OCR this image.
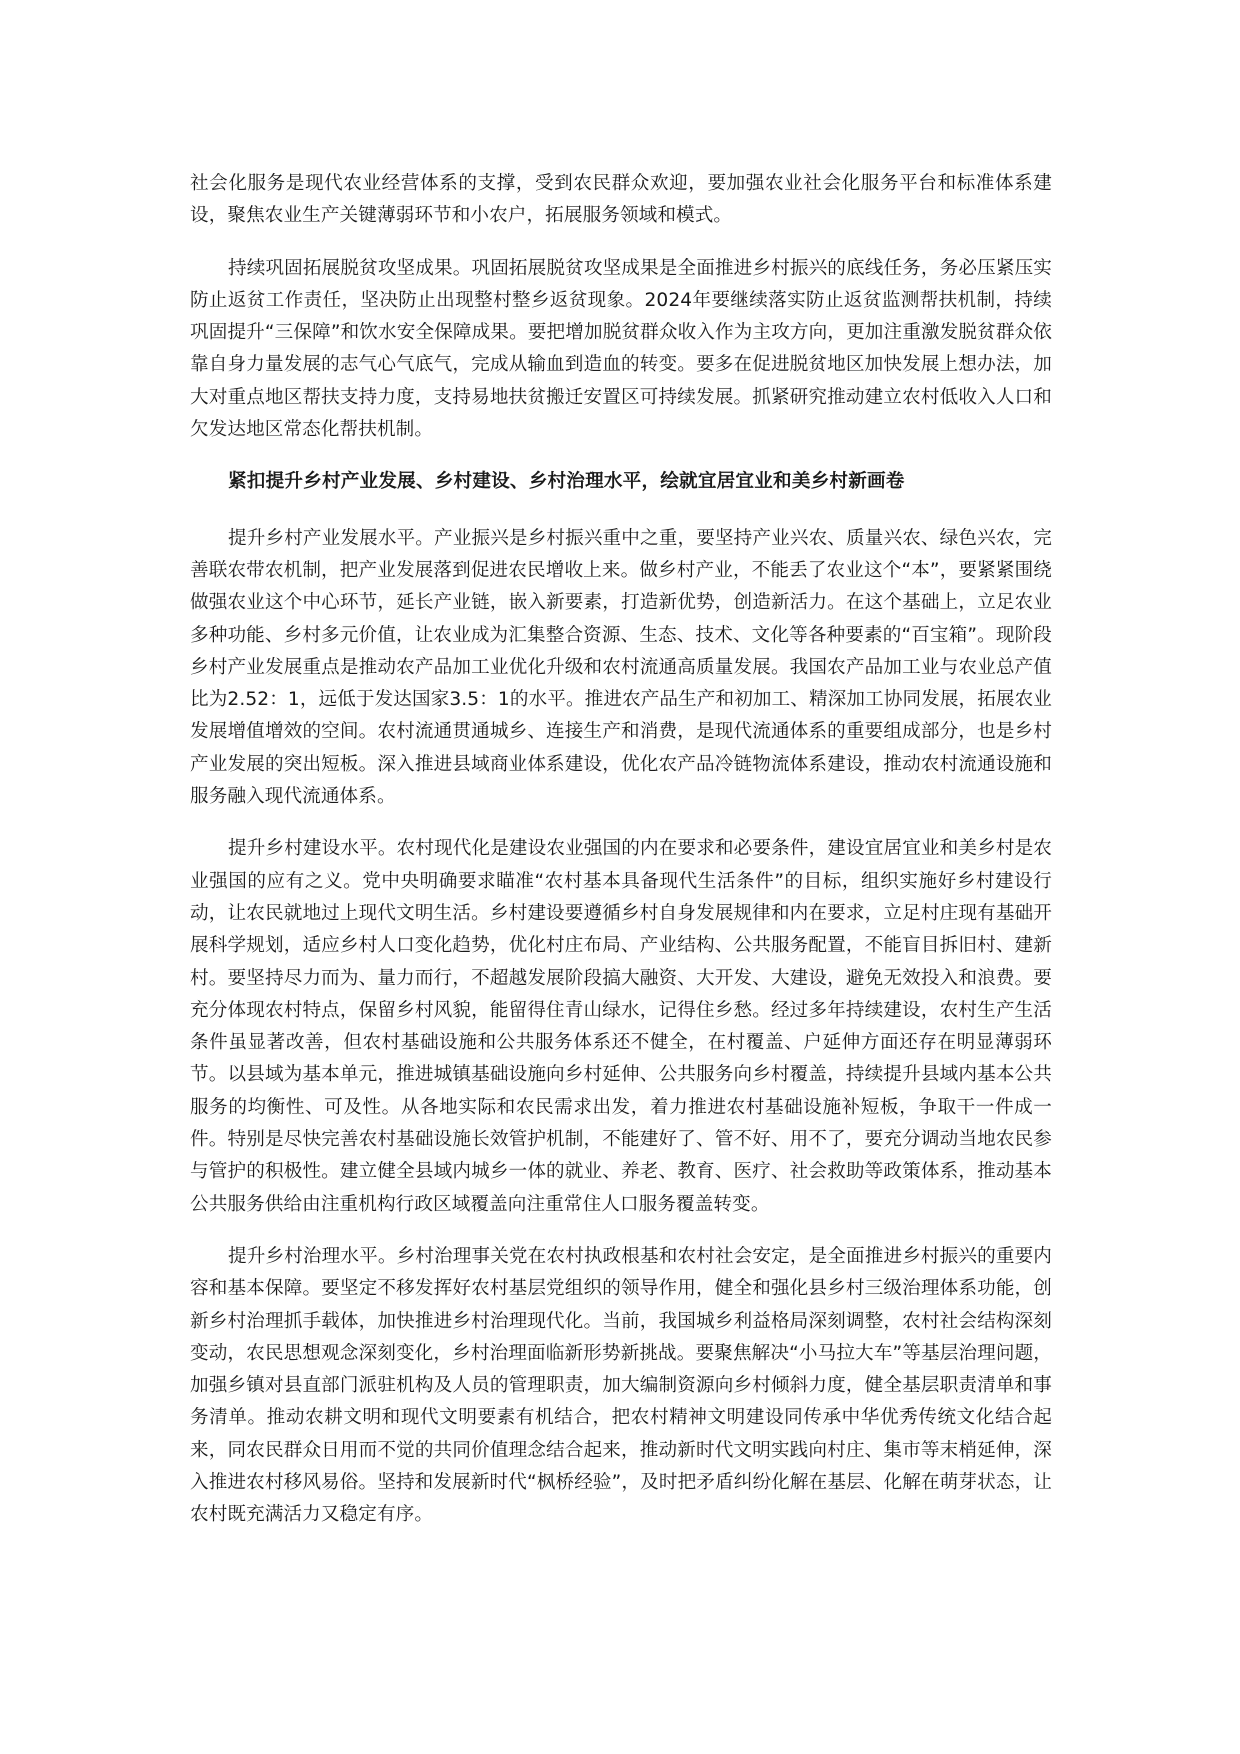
社会化服务是现代农业经营体系的支撑，受到农民群众欢迎，要加强农业社会化服务平台和标准体系建设，聚焦农业生产关键薄弱环节和小农户，拓展服务领域和模式。

持续巩固拓展脱贫攻坚成果。巩固拓展脱贫攻坚成果是全面推进乡村振兴的底线任务，务必压紧压实防止返贫工作责任，坚决防止出现整村整乡返贫现象。2024年要继续落实防止返贫监测帮扶机制，持续巩固提升“三保障”和饮水安全保障成果。要把增加脱贫群众收入作为主攻方向，更加注重激发脱贫群众依靠自身力量发展的志气心气底气，完成从输血到造血的转变。要多在促进脱贫地区加快发展上想办法，加大对重点地区帮扶支持力度，支持易地扶贫搬迁安置区可持续发展。抓紧研究推动建立农村低收入人口和欠发达地区常态化帮扶机制。

紧扣提升乡村产业发展、乡村建设、乡村治理水平，绘就宜居宜业和美乡村新画卷

提升乡村产业发展水平。产业振兴是乡村振兴重中之重，要坚持产业兴农、质量兴农、绿色兴农，完善联农带农机制，把产业发展落到促进农民增收上来。做乡村产业，不能丢了农业这个“本”，要紧紧围绕做强农业这个中心环节，延长产业链，嵌入新要素，打造新优势，创造新活力。在这个基础上，立足农业多种功能、乡村多元价值，让农业成为汇集整合资源、生态、技术、文化等各种要素的“百宝箱”。现阶段乡村产业发展重点是推动农产品加工业优化升级和农村流通高质量发展。我国农产品加工业与农业总产值比为2.52：1，远低于发达国家3.5：1的水平。推进农产品生产和初加工、精深加工协同发展，拓展农业发展增值增效的空间。农村流通贯通城乡、连接生产和消费，是现代流通体系的重要组成部分，也是乡村产业发展的突出短板。深入推进县域商业体系建设，优化农产品冷链物流体系建设，推动农村流通设施和服务融入现代流通体系。

提升乡村建设水平。农村现代化是建设农业强国的内在要求和必要条件，建设宜居宜业和美乡村是农业强国的应有之义。党中央明确要求瞄准“农村基本具备现代生活条件”的目标，组织实施好乡村建设行动，让农民就地过上现代文明生活。乡村建设要遵循乡村自身发展规律和内在要求，立足村庄现有基础开展科学规划，适应乡村人口变化趋势，优化村庄布局、产业结构、公共服务配置，不能盲目拆旧村、建新村。要坚持尽力而为、量力而行，不超越发展阶段搞大融资、大开发、大建设，避免无效投入和浪费。要充分体现农村特点，保留乡村风貌，能留得住青山绿水，记得住乡愁。经过多年持续建设，农村生产生活条件虽显著改善，但农村基础设施和公共服务体系还不健全，在村覆盖、户延伸方面还存在明显薄弱环节。以县域为基本单元，推进城镇基础设施向乡村延伸、公共服务向乡村覆盖，持续提升县域内基本公共服务的均衡性、可及性。从各地实际和农民需求出发，着力推进农村基础设施补短板，争取干一件成一件。特别是尽快完善农村基础设施长效管护机制，不能建好了、管不好、用不了，要充分调动当地农民参与管护的积极性。建立健全县域内城乡一体的就业、养老、教育、医疗、社会救助等政策体系，推动基本公共服务供给由注重机构行政区域覆盖向注重常住人口服务覆盖转变。

提升乡村治理水平。乡村治理事关党在农村执政根基和农村社会安定，是全面推进乡村振兴的重要内容和基本保障。要坚定不移发挥好农村基层党组织的领导作用，健全和强化县乡村三级治理体系功能，创新乡村治理抓手载体，加快推进乡村治理现代化。当前，我国城乡利益格局深刻调整，农村社会结构深刻变动，农民思想观念深刻变化，乡村治理面临新形势新挑战。要聚焦解决“小马拉大车”等基层治理问题，加强乡镇对县直部门派驻机构及人员的管理职责，加大编制资源向乡村倾斜力度，健全基层职责清单和事务清单。推动农耕文明和现代文明要素有机结合，把农村精神文明建设同传承中华优秀传统文化结合起来，同农民群众日用而不觉的共同价值理念结合起来，推动新时代文明实践向村庄、集市等末梢延伸，深入推进农村移风易俗。坚持和发展新时代“枫桥经验”，及时把矛盾纠纷化解在基层、化解在萌芽状态，让农村既充满活力又稳定有序。
